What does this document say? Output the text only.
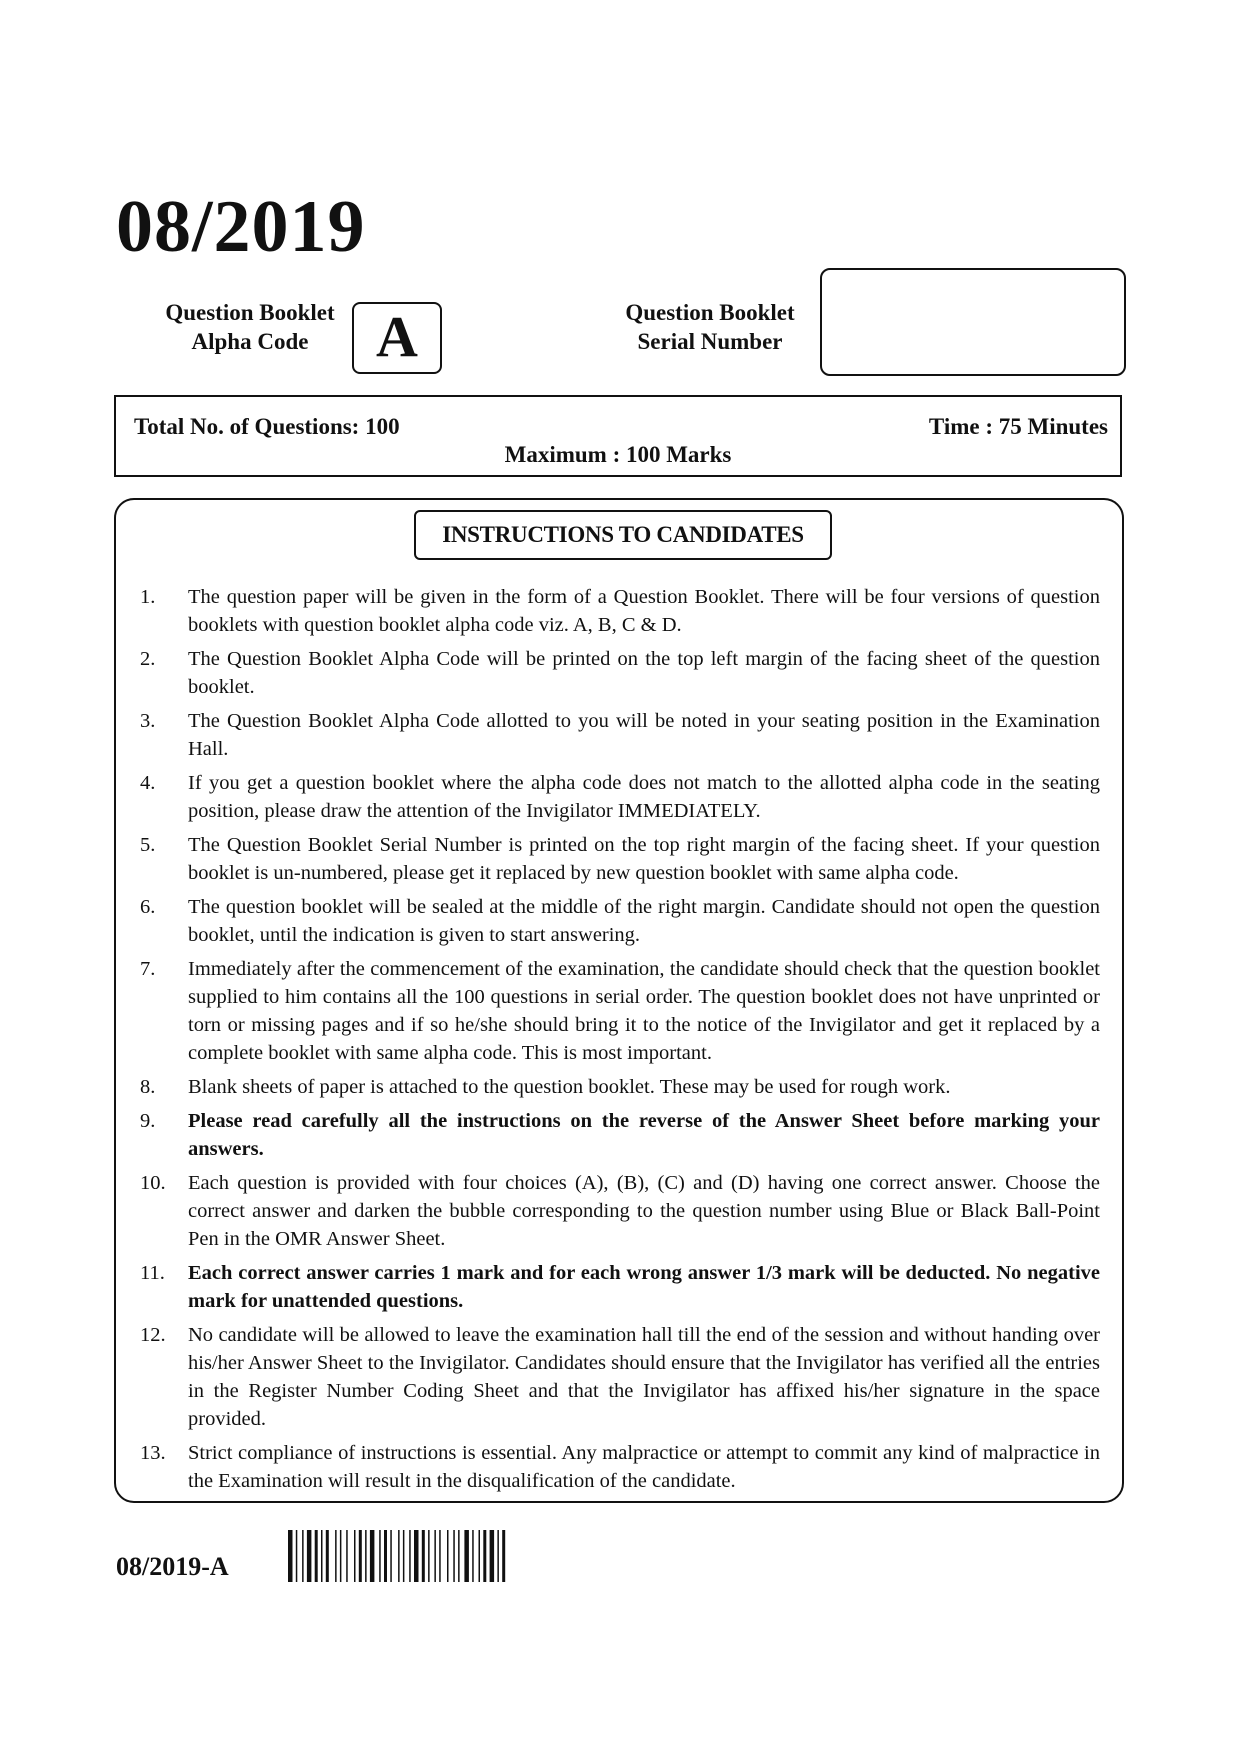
08/2019
Question Booklet
Alpha Code	A	Question Booklet
Serial Number
Total No. of Questions: 100	Time : 75 Minutes
Maximum : 100 Marks
INSTRUCTIONS TO CANDIDATES
1.	The question paper will be given in the form of a Question Booklet. There will be four versions of question booklets with question booklet alpha code viz. A, B, C & D.
2.	The Question Booklet Alpha Code will be printed on the top left margin of the facing sheet of the question booklet.
3.	The Question Booklet Alpha Code allotted to you will be noted in your seating position in the Examination Hall.
4.	If you get a question booklet where the alpha code does not match to the allotted alpha code in the seating position, please draw the attention of the Invigilator IMMEDIATELY.
5.	The Question Booklet Serial Number is printed on the top right margin of the facing sheet. If your question booklet is un-numbered, please get it replaced by new question booklet with same alpha code.
6.	The question booklet will be sealed at the middle of the right margin. Candidate should not open the question booklet, until the indication is given to start answering.
7.	Immediately after the commencement of the examination, the candidate should check that the question booklet supplied to him contains all the 100 questions in serial order. The question booklet does not have unprinted or torn or missing pages and if so he/she should bring it to the notice of the Invigilator and get it replaced by a complete booklet with same alpha code. This is most important.
8.	Blank sheets of paper is attached to the question booklet. These may be used for rough work.
9.	Please read carefully all the instructions on the reverse of the Answer Sheet before marking your answers.
10.	Each question is provided with four choices (A), (B), (C) and (D) having one correct answer. Choose the correct answer and darken the bubble corresponding to the question number using Blue or Black Ball-Point Pen in the OMR Answer Sheet.
11.	Each correct answer carries 1 mark and for each wrong answer 1/3 mark will be deducted. No negative mark for unattended questions.
12.	No candidate will be allowed to leave the examination hall till the end of the session and without handing over his/her Answer Sheet to the Invigilator. Candidates should ensure that the Invigilator has verified all the entries in the Register Number Coding Sheet and that the Invigilator has affixed his/her signature in the space provided.
13.	Strict compliance of instructions is essential. Any malpractice or attempt to commit any kind of malpractice in the Examination will result in the disqualification of the candidate.
08/2019-A
